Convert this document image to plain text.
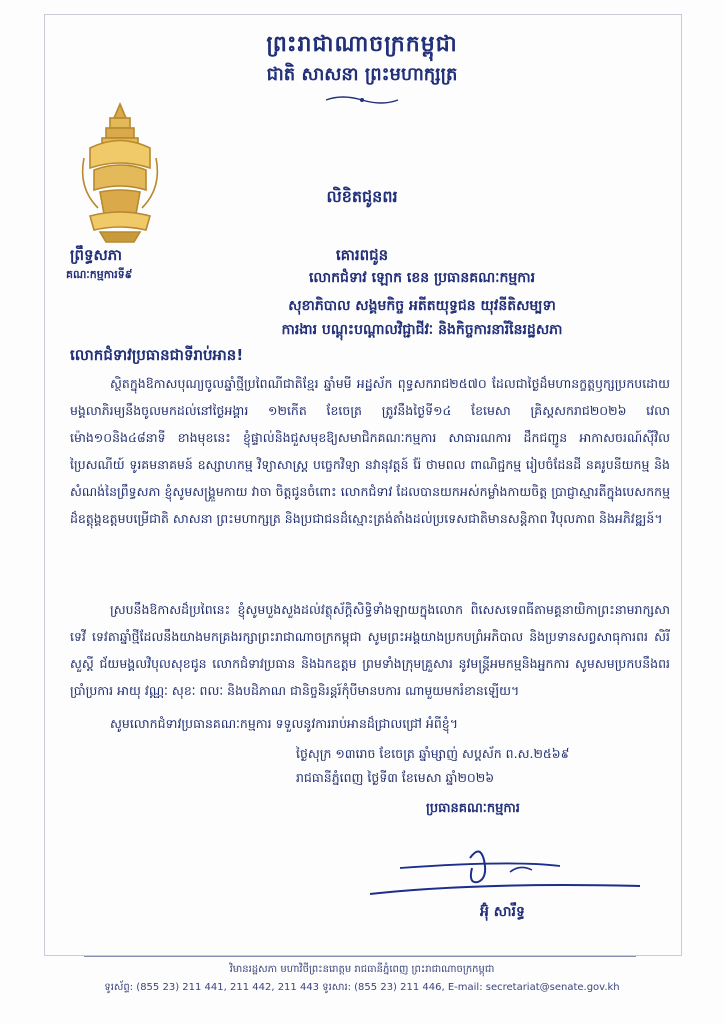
ព្រះរាជាណាចក្រកម្ពុជា
ជាតិ សាសនា ព្រះមហាក្សត្រ
ព្រឹទ្ធសភា
គណៈកម្មការទី៩
លិខិតជូនពរ
គោរពជូន
លោកជំទាវ ឡោក ខេន ប្រធានគណៈកម្មការ
សុខាភិបាល សង្គមកិច្ច អតីតយុទ្ធជន យុវនីតិសម្បទា
ការងារ បណ្តុះបណ្តាលវិជ្ជាជីវៈ និងកិច្ចការនារីនៃរដ្ឋសភា
លោកជំទាវប្រធានជាទីរាប់អាន!
ស្ថិតក្នុងឱកាសបុណ្យចូលឆ្នាំថ្មីប្រពៃណីជាតិខ្មែរ ឆ្នាំមមី អដ្ឋស័ក ពុទ្ធសករាជ២៥៧០ ដែលជាថ្ងៃដ៏មហានក្ខត្តឫក្សប្រកបដោយមង្គលាភិរម្យនឹងចូលមកដល់នៅថ្ងៃអង្គារ ១២កើត ខែចេត្រ ត្រូវនឹងថ្ងៃទី១៤ ខែមេសា គ្រិស្តសករាជ២០២៦ វេលាម៉ោង១០និង៤៨នាទី ខាងមុខនេះ ខ្ញុំផ្ទាល់និងជួសមុខឱ្យសមាជិកគណៈកម្មការ សាធារណការ ដឹកជញ្ជូន អាកាសចរណ៍ស៊ីវិល ប្រៃសណីយ៍ ទូរគមនាគមន៍ ឧស្សាហកម្ម វិទ្យាសាស្ត្រ បច្ចេកវិទ្យា នវានុវត្តន៍ រ៉ែ ថាមពល ពាណិជ្ជកម្ម រៀបចំដែនដី នគរូបនីយកម្ម និងសំណង់នៃព្រឹទ្ធសភា ខ្ញុំសូមសង្រ្គួមកាយ វាចា ចិត្តជូនចំពោះ លោកជំទាវ ដែលបានយកអស់កម្លាំងកាយចិត្ត ប្រាជ្ញាស្មារតីក្នុងបេសកកម្មដ៏ឧត្តុង្គឧត្តមបម្រើជាតិ សាសនា ព្រះមហាក្សត្រ និងប្រជាជនដ៏ស្មោះត្រង់តាំងដល់ប្រទេសជាតិមានសន្តិភាព វិបុលភាព និងអភិវឌ្ឍន៍។
ស្របនឹងឱកាសដ៏ប្រពៃនេះ ខ្ញុំសូមបួងសួងដល់វត្ថុស័ក្តិសិទ្ធិទាំងឡាយក្នុងលោក ពិសេសទេពធីតាមគ្គនាយិកាព្រះនាមរាក្សសាទេវី ទេវតាឆ្នាំថ្មីដែលនឹងយាងមកគ្រងរក្សាព្រះរាជាណាចក្រកម្ពុជា សូមព្រះអង្គយាងប្រកបព្រំអភិបាល និងប្រទានសព្វសាធុការពរ សិរីសួស្តី ជ័យមង្គលវិបុលសុខជូន លោកជំទាវប្រធាន និងឯកឧត្តម ព្រមទាំងក្រុមគ្រួសារ នូវមន្ត្រីអមកម្មនិងអ្នកការ សូមសមប្រកបនឹងពរប្រាំប្រការ អាយុ វណ្ណៈ សុខៈ ពលៈ និងបដិភាណ ជានិច្ចនិរន្តរ៍កុំបីមានបការ ណាមួយមករំខានឡើយ។
សូមលោកជំទាវប្រធានគណៈកម្មការ ទទួលនូវការរាប់អានដ៏ជ្រាលជ្រៅ អំពីខ្ញុំ។
ថ្ងៃសុក្រ ១៣រោច ខែចេត្រ ឆ្នាំម្សាញ់ សប្តស័ក ព.ស.២៥៦៩
រាជធានីភ្នំពេញ ថ្ងៃទី៣ ខែមេសា ឆ្នាំ២០២៦
ប្រធានគណៈកម្មការ
អ៊ុំ សារឹទ្ធ
វិមានរដ្ឋសភា មហាវិថីព្រះនរោត្តម រាជធានីភ្នំពេញ ព្រះរាជាណាចក្រកម្ពុជា
ទូរស័ព្ទ: (855 23) 211 441, 211 442, 211 443 ទូរសារ: (855 23) 211 446, E-mail: secretariat@senate.gov.kh
